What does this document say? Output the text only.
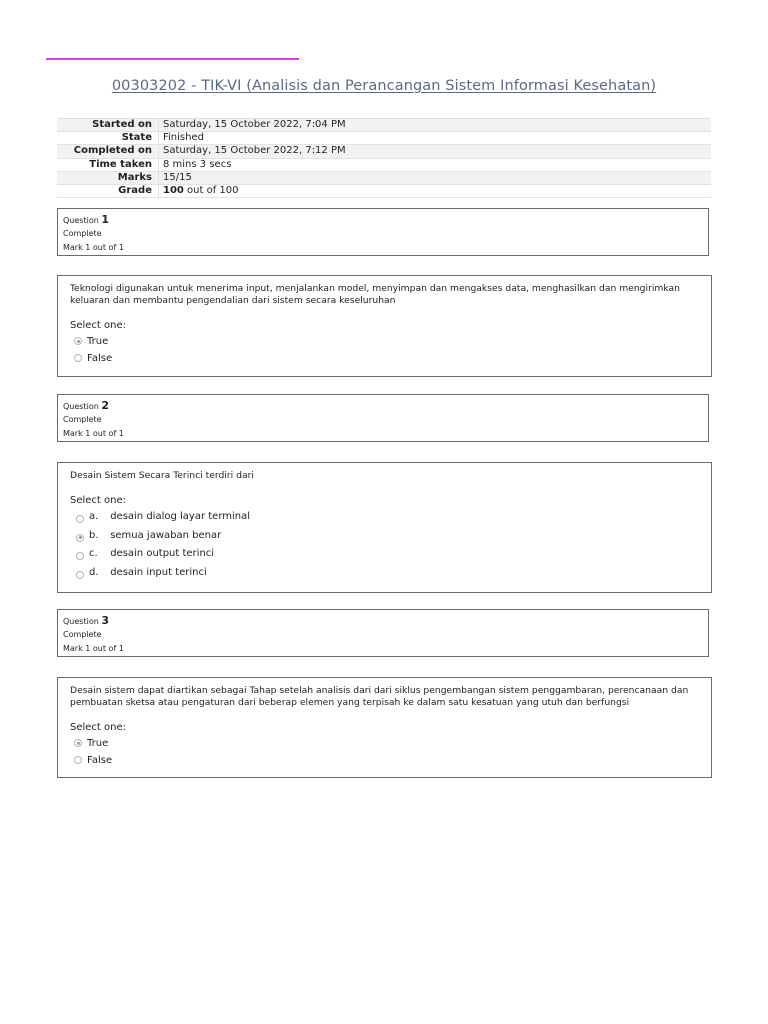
00303202 - TIK-VI (Analisis dan Perancangan Sistem Informasi Kesehatan)
Started on	Saturday, 15 October 2022, 7:04 PM
State	Finished
Completed on	Saturday, 15 October 2022, 7:12 PM
Time taken	8 mins 3 secs
Marks	15/15
Grade	100 out of 100
Question 1
Complete
Mark 1 out of 1
Teknologi digunakan untuk menerima input, menjalankan model, menyimpan dan mengakses data, menghasilkan dan mengirimkan keluaran dan membantu pengendalian dari sistem secara keseluruhan
Select one:
True
False
Question 2
Complete
Mark 1 out of 1
Desain Sistem Secara Terinci terdiri dari
Select one:
a. desain dialog layar terminal
b. semua jawaban benar
c. desain output terinci
d. desain input terinci
Question 3
Complete
Mark 1 out of 1
Desain sistem dapat diartikan sebagai Tahap setelah analisis dari dari siklus pengembangan sistem penggambaran, perencanaan dan pembuatan sketsa atau pengaturan dari beberap elemen yang terpisah ke dalam satu kesatuan yang utuh dan berfungsi
Select one:
True
False
